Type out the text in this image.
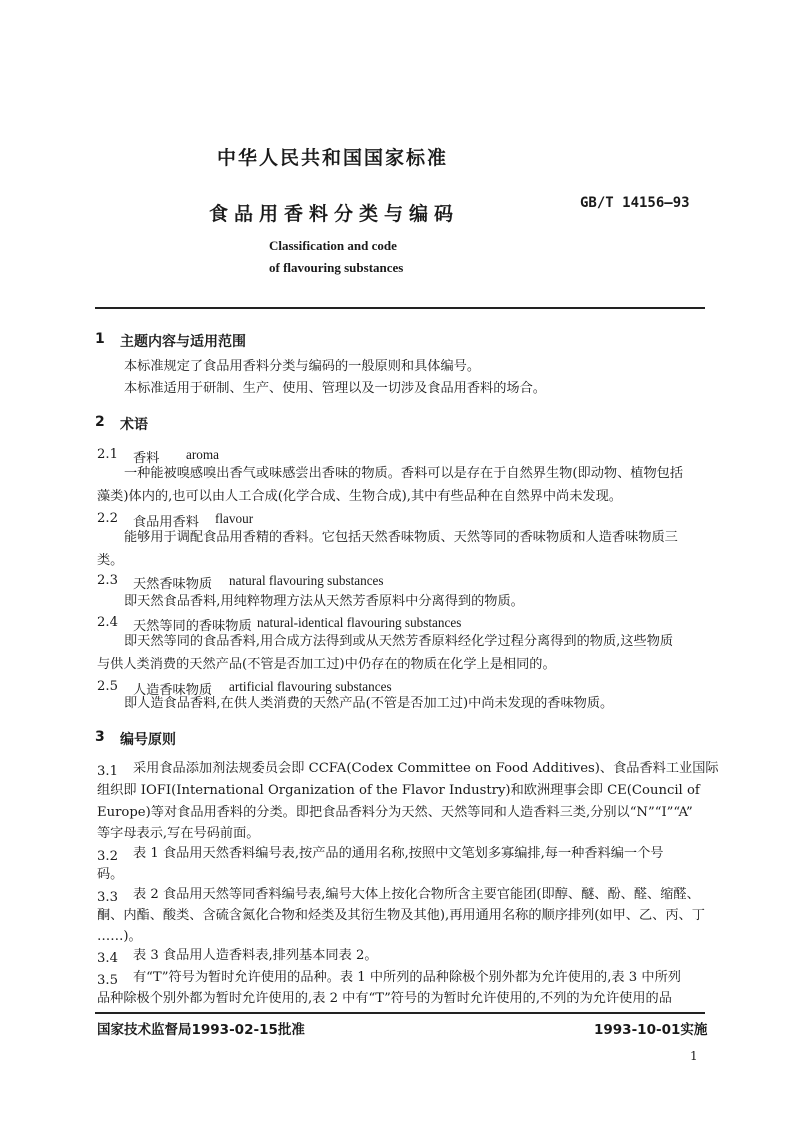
中华人民共和国国家标准
食品用香料分类与编码	GB/T 14156—93
Classification and code
of flavouring substances
1 主题内容与适用范围
本标准规定了食品用香料分类与编码的一般原则和具体编号。
本标准适用于研制、生产、使用、管理以及一切涉及食品用香料的场合。
2 术语
2.1 香料 aroma
一种能被嗅感嗅出香气或味感尝出香味的物质。香料可以是存在于自然界生物(即动物、植物包括
藻类)体内的,也可以由人工合成(化学合成、生物合成),其中有些品种在自然界中尚未发现。
2.2 食品用香料 flavour
能够用于调配食品用香精的香料。它包括天然香味物质、天然等同的香味物质和人造香味物质三
类。
2.3 天然香味物质 natural flavouring substances
即天然食品香料,用纯粹物理方法从天然芳香原料中分离得到的物质。
2.4 天然等同的香味物质 natural-identical flavouring substances
即天然等同的食品香料,用合成方法得到或从天然芳香原料经化学过程分离得到的物质,这些物质
与供人类消费的天然产品(不管是否加工过)中仍存在的物质在化学上是相同的。
2.5 人造香味物质 artificial flavouring substances
即人造食品香料,在供人类消费的天然产品(不管是否加工过)中尚未发现的香味物质。
3 编号原则
3.1 采用食品添加剂法规委员会即 CCFA(Codex Committee on Food Additives)、食品香料工业国际
组织即 IOFI(International Organization of the Flavor Industry)和欧洲理事会即 CE(Council of
Europe)等对食品用香料的分类。即把食品香料分为天然、天然等同和人造香料三类,分别以“N”“I”“A”
等字母表示,写在号码前面。
3.2 表 1 食品用天然香料编号表,按产品的通用名称,按照中文笔划多寡编排,每一种香料编一个号
码。
3.3 表 2 食品用天然等同香料编号表,编号大体上按化合物所含主要官能团(即醇、醚、酚、醛、缩醛、
酮、内酯、酸类、含硫含氮化合物和烃类及其衍生物及其他),再用通用名称的顺序排列(如甲、乙、丙、丁
……)。
3.4 表 3 食品用人造香料表,排列基本同表 2。
3.5 有“T”符号为暂时允许使用的品种。表 1 中所列的品种除极个别外都为允许使用的,表 3 中所列
品种除极个别外都为暂时允许使用的,表 2 中有“T”符号的为暂时允许使用的,不列的为允许使用的品
国家技术监督局1993-02-15批准	1993-10-01实施
1
